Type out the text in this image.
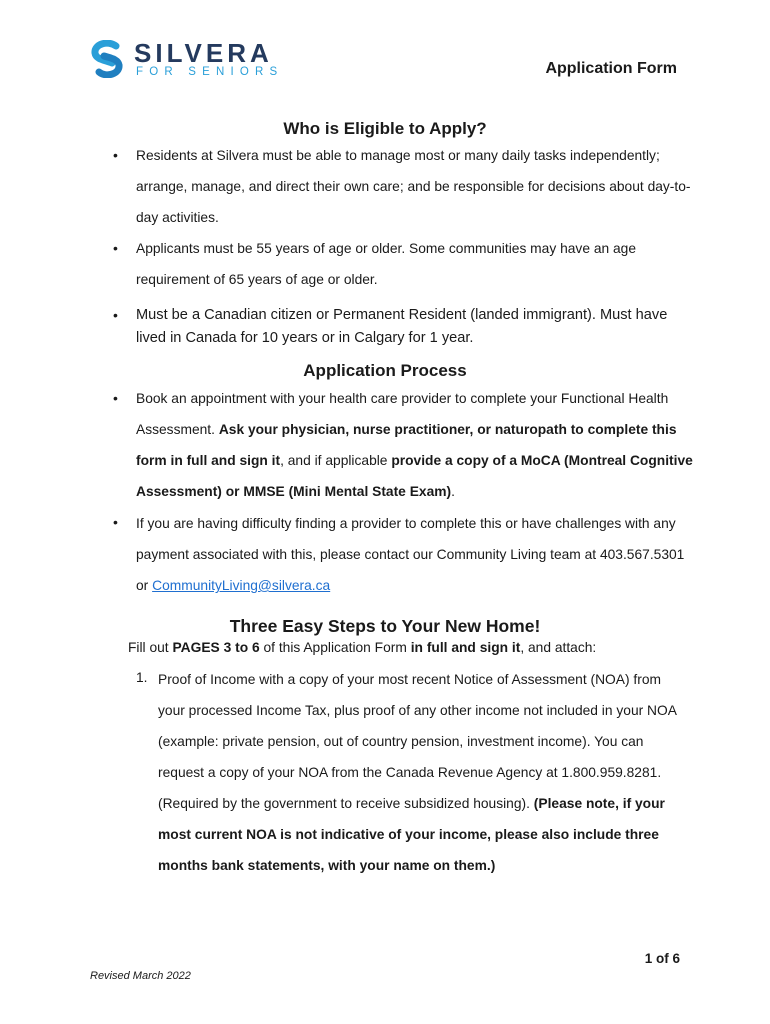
SILVERA
FOR SENIORS	Application Form
Who is Eligible to Apply?
• Residents at Silvera must be able to manage most or many daily tasks independently; arrange, manage, and direct their own care; and be responsible for decisions about day-to-day activities.
• Applicants must be 55 years of age or older. Some communities may have an age requirement of 65 years of age or older.
• Must be a Canadian citizen or Permanent Resident (landed immigrant). Must have lived in Canada for 10 years or in Calgary for 1 year.
Application Process
• Book an appointment with your health care provider to complete your Functional Health Assessment. Ask your physician, nurse practitioner, or naturopath to complete this form in full and sign it, and if applicable provide a copy of a MoCA (Montreal Cognitive Assessment) or MMSE (Mini Mental State Exam).
• If you are having difficulty finding a provider to complete this or have challenges with any payment associated with this, please contact our Community Living team at 403.567.5301 or CommunityLiving@silvera.ca
Three Easy Steps to Your New Home!
Fill out PAGES 3 to 6 of this Application Form in full and sign it, and attach:
1. Proof of Income with a copy of your most recent Notice of Assessment (NOA) from your processed Income Tax, plus proof of any other income not included in your NOA (example: private pension, out of country pension, investment income). You can request a copy of your NOA from the Canada Revenue Agency at 1.800.959.8281. (Required by the government to receive subsidized housing). (Please note, if your most current NOA is not indicative of your income, please also include three months bank statements, with your name on them.)
1 of 6
Revised March 2022
